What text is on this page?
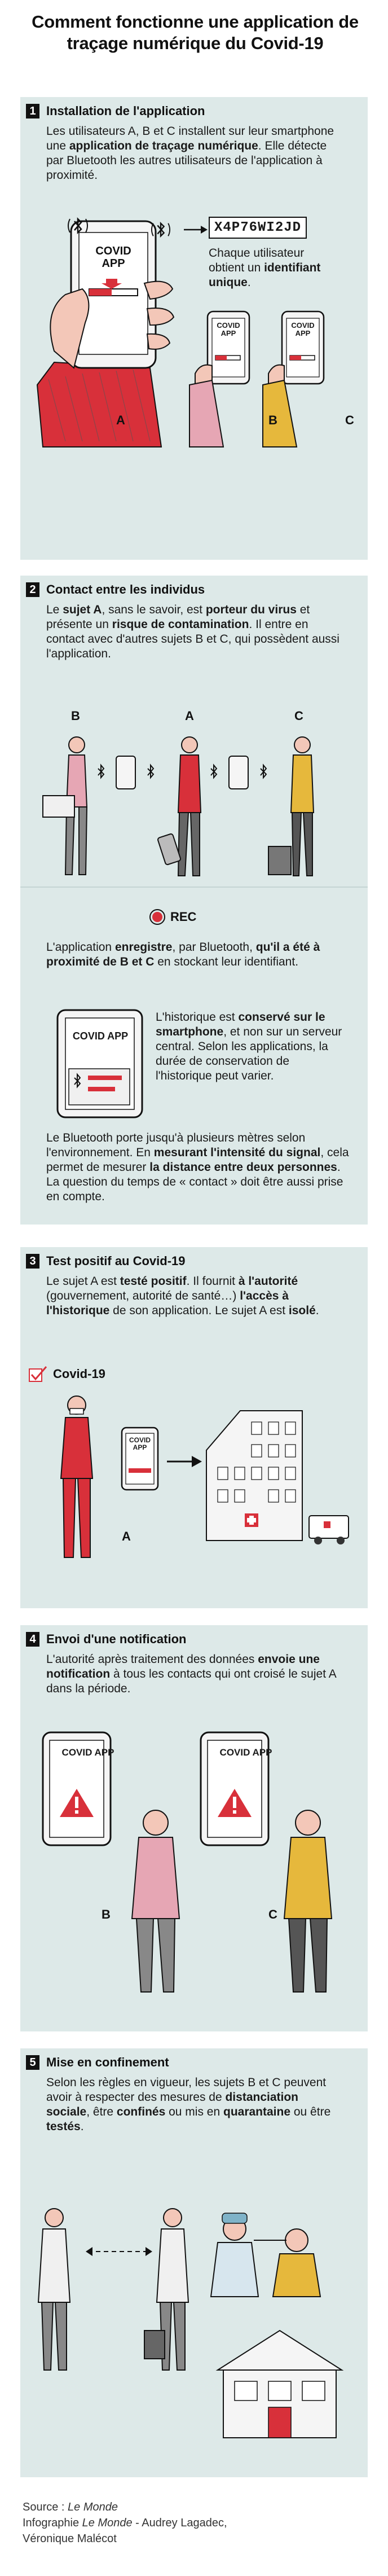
Comment fonctionne une application de traçage numérique du Covid-19
1 Installation de l'application
Les utilisateurs A, B et C installent sur leur smartphone une application de traçage numérique. Elle détecte par Bluetooth les autres utilisateurs de l'application à proximité.
COVID APP
X4P76WI2JD
Chaque utilisateur obtient un identifiant unique.
COVID APP
COVID APP
A	B	C
2 Contact entre les individus
Le sujet A, sans le savoir, est porteur du virus et présente un risque de contamination. Il entre en contact avec d'autres sujets B et C, qui possèdent aussi l'application.
B	A	C
REC
L'application enregistre, par Bluetooth, qu'il a été à proximité de B et C en stockant leur identifiant.
COVID APP
L'historique est conservé sur le smartphone, et non sur un serveur central. Selon les applications, la durée de conservation de l'historique peut varier.
Le Bluetooth porte jusqu'à plusieurs mètres selon l'environnement. En mesurant l'intensité du signal, cela permet de mesurer la distance entre deux personnes. La question du temps de « contact » doit être aussi prise en compte.
3 Test positif au Covid-19
Le sujet A est testé positif. Il fournit à l'autorité (gouvernement, autorité de santé…) l'accès à l'historique de son application. Le sujet A est isolé.
Covid-19
COVID APP
A
4 Envoi d'une notification
L'autorité après traitement des données envoie une notification à tous les contacts qui ont croisé le sujet A dans la période.
COVID APP	COVID APP
B	C
5 Mise en confinement
Selon les règles en vigueur, les sujets B et C peuvent avoir à respecter des mesures de distanciation sociale, être confinés ou mis en quarantaine ou être testés.
Source : Le Monde
Infographie Le Monde - Audrey Lagadec,
Véronique Malécot
